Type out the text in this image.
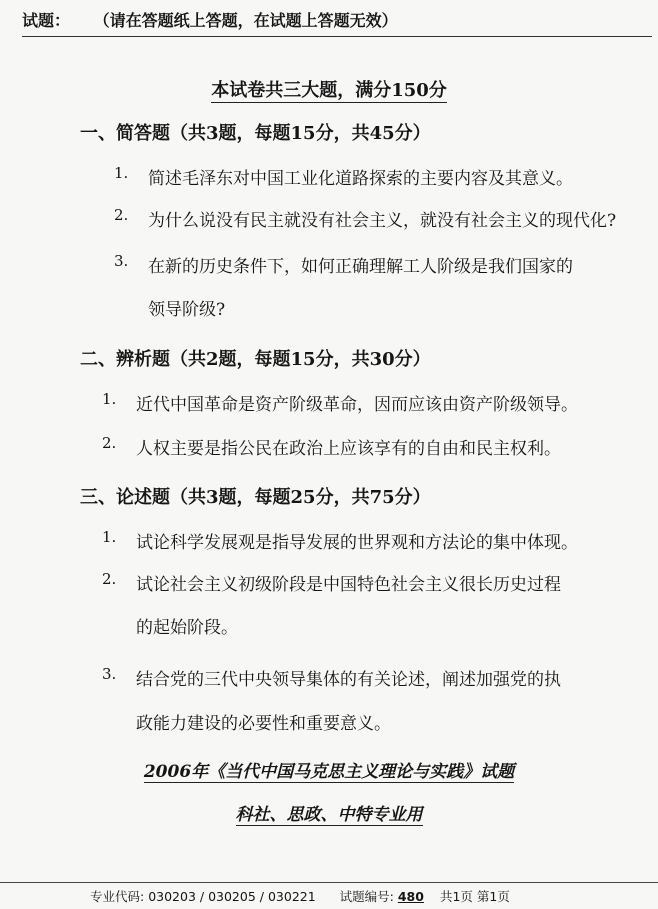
试题： （请在答题纸上答题，在试题上答题无效）
本试卷共三大题，满分150分
一、简答题（共3题，每题15分，共45分）
1. 简述毛泽东对中国工业化道路探索的主要内容及其意义。
2. 为什么说没有民主就没有社会主义，就没有社会主义的现代化?
3. 在新的历史条件下，如何正确理解工人阶级是我们国家的
领导阶级?
二、辨析题（共2题，每题15分，共30分）
1. 近代中国革命是资产阶级革命，因而应该由资产阶级领导。
2. 人权主要是指公民在政治上应该享有的自由和民主权利。
三、论述题（共3题，每题25分，共75分）
1. 试论科学发展观是指导发展的世界观和方法论的集中体现。
2. 试论社会主义初级阶段是中国特色社会主义很长历史过程
的起始阶段。
3. 结合党的三代中央领导集体的有关论述，阐述加强党的执
政能力建设的必要性和重要意义。
2006年《当代中国马克思主义理论与实践》试题
科社、思政、中特专业用
专业代码: 030203 / 030205 / 030221 试题编号: 480 共1页 第1页
